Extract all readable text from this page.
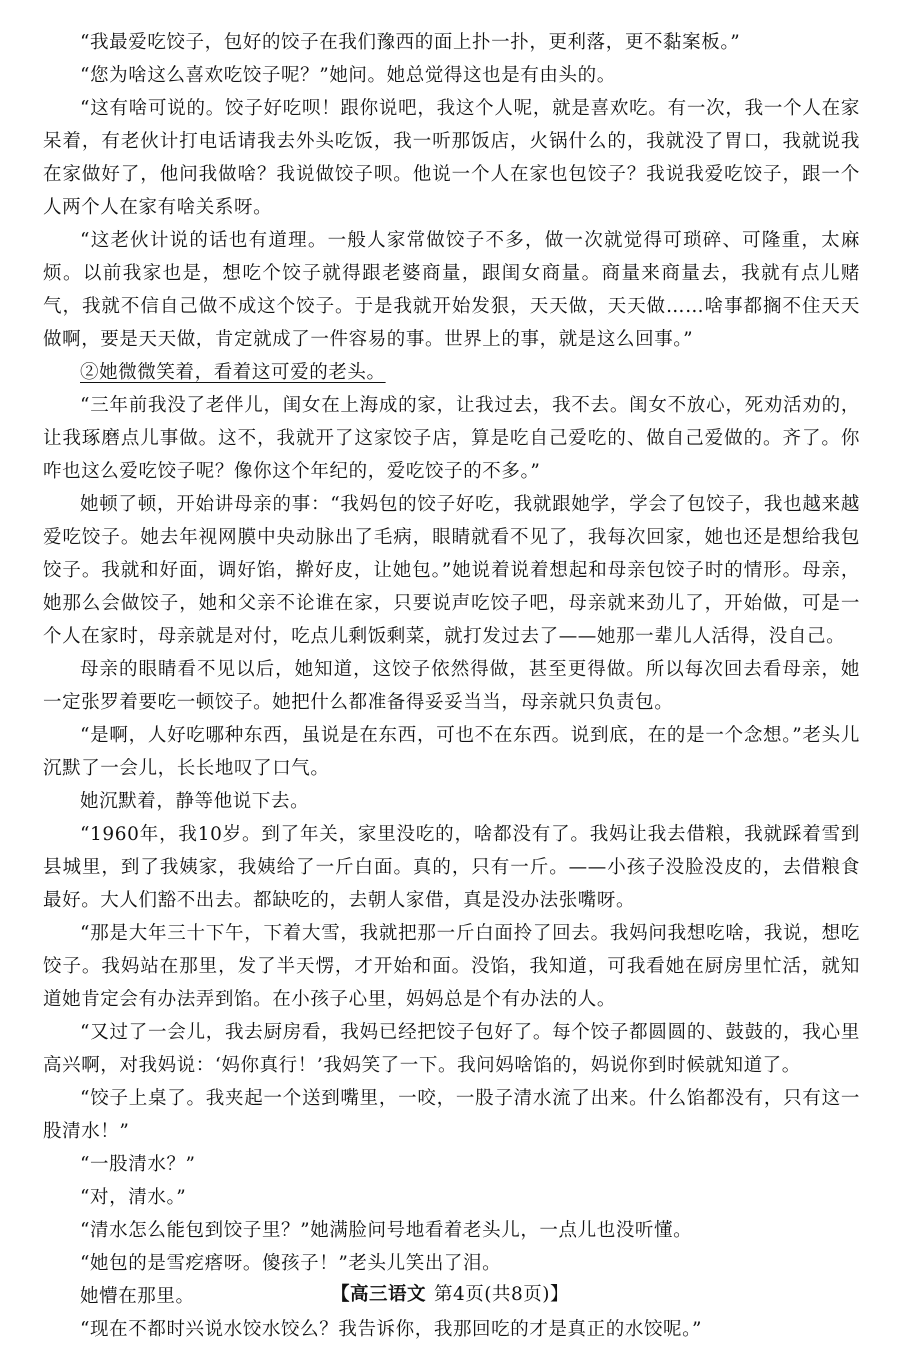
“我最爱吃饺子，包好的饺子在我们豫西的面上扑一扑，更利落，更不黏案板。”

“您为啥这么喜欢吃饺子呢？”她问。她总觉得这也是有由头的。

“这有啥可说的。饺子好吃呗！跟你说吧，我这个人呢，就是喜欢吃。有一次，我一个人在家呆着，有老伙计打电话请我去外头吃饭，我一听那饭店，火锅什么的，我就没了胃口，我就说我在家做好了，他问我做啥？我说做饺子呗。他说一个人在家也包饺子？我说我爱吃饺子，跟一个人两个人在家有啥关系呀。

“这老伙计说的话也有道理。一般人家常做饺子不多，做一次就觉得可琐碎、可隆重，太麻烦。以前我家也是，想吃个饺子就得跟老婆商量，跟闺女商量。商量来商量去，我就有点儿赌气，我就不信自己做不成这个饺子。于是我就开始发狠，天天做，天天做……啥事都搁不住天天做啊，要是天天做，肯定就成了一件容易的事。世界上的事，就是这么回事。”

②她微微笑着，看着这可爱的老头。

“三年前我没了老伴儿，闺女在上海成的家，让我过去，我不去。闺女不放心，死劝活劝的，让我琢磨点儿事做。这不，我就开了这家饺子店，算是吃自己爱吃的、做自己爱做的。齐了。你咋也这么爱吃饺子呢？像你这个年纪的，爱吃饺子的不多。”

她顿了顿，开始讲母亲的事：“我妈包的饺子好吃，我就跟她学，学会了包饺子，我也越来越爱吃饺子。她去年视网膜中央动脉出了毛病，眼睛就看不见了，我每次回家，她也还是想给我包饺子。我就和好面，调好馅，擀好皮，让她包。”她说着说着想起和母亲包饺子时的情形。母亲，她那么会做饺子，她和父亲不论谁在家，只要说声吃饺子吧，母亲就来劲儿了，开始做，可是一个人在家时，母亲就是对付，吃点儿剩饭剩菜，就打发过去了——她那一辈儿人活得，没自己。

母亲的眼睛看不见以后，她知道，这饺子依然得做，甚至更得做。所以每次回去看母亲，她一定张罗着要吃一顿饺子。她把什么都准备得妥妥当当，母亲就只负责包。

“是啊，人好吃哪种东西，虽说是在东西，可也不在东西。说到底，在的是一个念想。”老头儿沉默了一会儿，长长地叹了口气。

她沉默着，静等他说下去。

“1960年，我10岁。到了年关，家里没吃的，啥都没有了。我妈让我去借粮，我就踩着雪到县城里，到了我姨家，我姨给了一斤白面。真的，只有一斤。——小孩子没脸没皮的，去借粮食最好。大人们豁不出去。都缺吃的，去朝人家借，真是没办法张嘴呀。

“那是大年三十下午，下着大雪，我就把那一斤白面拎了回去。我妈问我想吃啥，我说，想吃饺子。我妈站在那里，发了半天愣，才开始和面。没馅，我知道，可我看她在厨房里忙活，就知道她肯定会有办法弄到馅。在小孩子心里，妈妈总是个有办法的人。

“又过了一会儿，我去厨房看，我妈已经把饺子包好了。每个饺子都圆圆的、鼓鼓的，我心里高兴啊，对我妈说：‘妈你真行！’我妈笑了一下。我问妈啥馅的，妈说你到时候就知道了。

“饺子上桌了。我夹起一个送到嘴里，一咬，一股子清水流了出来。什么馅都没有，只有这一股清水！”

“一股清水？”

“对，清水。”

“清水怎么能包到饺子里？”她满脸问号地看着老头儿，一点儿也没听懂。

“她包的是雪疙瘩呀。傻孩子！”老头儿笑出了泪。

她懵在那里。

“现在不都时兴说水饺水饺么？我告诉你，我那回吃的才是真正的水饺呢。”

【高三语文 第4页(共8页)】
